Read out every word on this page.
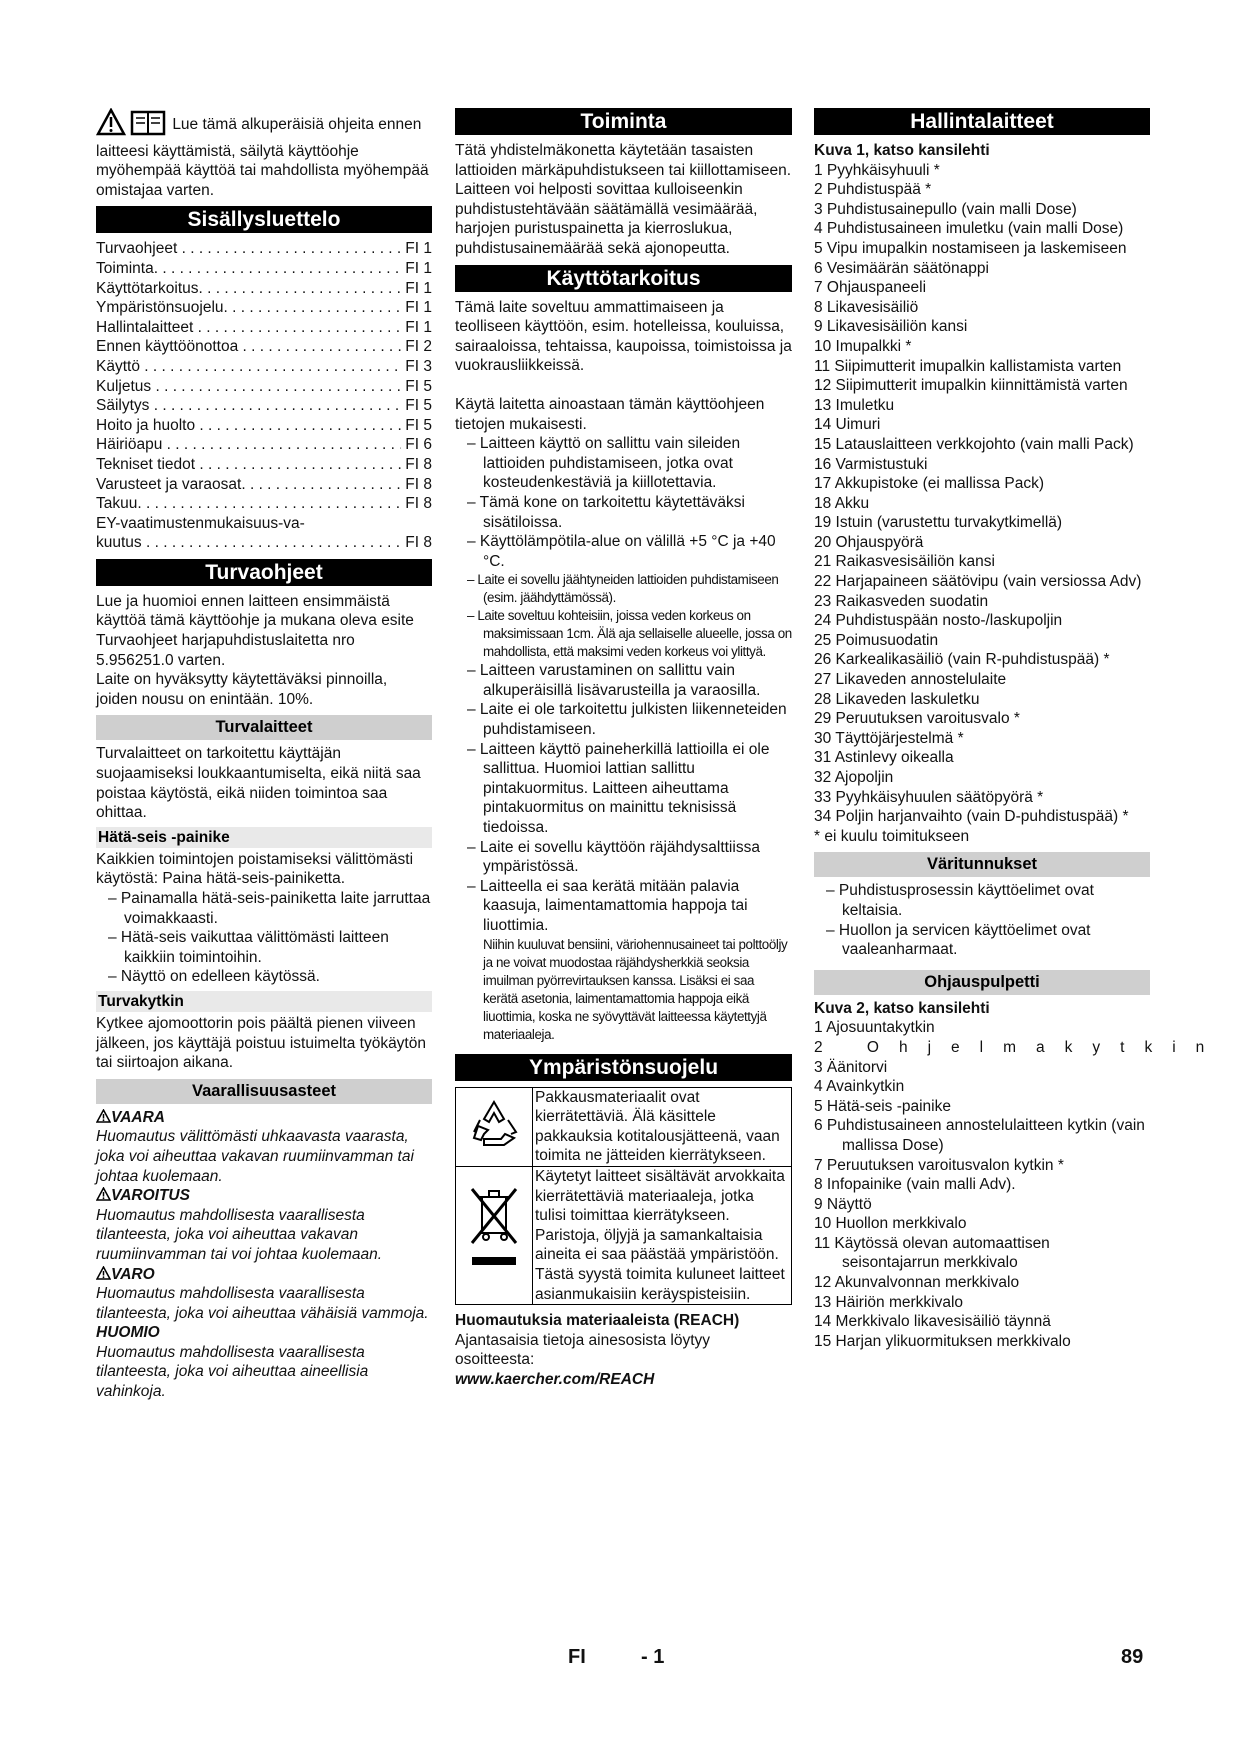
Lue tämä alkuperäisiä ohjeita ennen laitteesi käyttämistä, säilytä käyttöohje myöhempää käyttöä tai mahdollista myöhempää omistajaa varten.
Sisällysluettelo
Turvaohjeet
. . .
	FI 1
Toiminta.
. . .
	FI 1
Käyttötarkoitus.
. . .
	FI 1
Ympäristönsuojelu.
. . .
	FI 1
Hallintalaitteet
. . .
	FI 1
Ennen käyttöönottoa
. . .
	FI 2
Käyttö
. . .
	FI 3
Kuljetus
. . .
	FI 5
Säilytys
. . .
	FI 5
Hoito ja huolto
. . .
	FI 5
Häiriöapu
. . .
	FI 6
Tekniset tiedot
. . .
	FI 8
Varusteet ja varaosat.
. . .
	FI 8
Takuu.
. . .
	FI 8
EY-vaatimustenmukaisuus-va-
kuutus
. . .
	FI 8
Turvaohjeet

Lue ja huomioi ennen laitteen ensimmäistä käyttöä tämä käyttöohje ja mukana oleva esite Turvaohjeet harjapuhdistuslaitetta nro 5.956251.0 varten.

Laite on hyväksytty käytettäväksi pinnoilla, joiden nousu on enintään. 10%.

Turvalaitteet

Turvalaitteet on tarkoitettu käyttäjän suojaamiseksi loukkaantumiselta, eikä niitä saa poistaa käytöstä, eikä niiden toimintoa saa ohittaa.

Hätä-seis -painike

Kaikkien toimintojen poistamiseksi välittömästi käytöstä: Paina hätä-seis-painiketta.

– Painamalla hätä-seis-painiketta laite jarruttaa voimakkaasti.
– Hätä-seis vaikuttaa välittömästi laitteen kaikkiin toimintoihin.
– Näyttö on edelleen käytössä.
Turvakytkin

Kytkee ajomoottorin pois päältä pienen viiveen jälkeen, jos käyttäjä poistuu istuimelta työkäytön tai siirtoajon aikana.

Vaarallisuusasteet
VAARA
Huomautus välittömästi uhkaavasta vaarasta, joka voi aiheuttaa vakavan ruumiinvamman tai johtaa kuolemaan.
VAROITUS
Huomautus mahdollisesta vaarallisesta tilanteesta, joka voi aiheuttaa vakavan ruumiinvamman tai voi johtaa kuolemaan.
VARO
Huomautus mahdollisesta vaarallisesta tilanteesta, joka voi aiheuttaa vähäisiä vammoja.
HUOMIO
Huomautus mahdollisesta vaarallisesta tilanteesta, joka voi aiheuttaa aineellisia vahinkoja.
Toiminta

Tätä yhdistelmäkonetta käytetään tasaisten lattioiden märkäpuhdistukseen tai kiillottamiseen.

Laitteen voi helposti sovittaa kulloiseenkin puhdistustehtävään säätämällä vesimäärää, harjojen puristuspainetta ja kierroslukua, puhdistusainemäärää sekä ajonopeutta.

Käyttötarkoitus

Tämä laite soveltuu ammattimaiseen ja teolliseen käyttöön, esim. hotelleissa, kouluissa, sairaaloissa, tehtaissa, kaupoissa, toimistoissa ja vuokrausliikkeissä.

Käytä laitetta ainoastaan tämän käyttöohjeen tietojen mukaisesti.

– Laitteen käyttö on sallittu vain sileiden lattioiden puhdistamiseen, jotka ovat kosteudenkestäviä ja kiillotettavia.
– Tämä kone on tarkoitettu käytettäväksi sisätiloissa.
– Käyttölämpötila-alue on välillä +5 °C ja +40 °C.
– Laite ei sovellu jäähtyneiden lattioiden puhdistamiseen (esim. jäähdyttämössä).
– Laite soveltuu kohteisiin, joissa veden korkeus on maksimissaan 1cm. Älä aja sellaiselle alueelle, jossa on mahdollista, että maksimi veden korkeus voi ylittyä.
– Laitteen varustaminen on sallittu vain alkuperäisillä lisävarusteilla ja varaosilla.
– Laite ei ole tarkoitettu julkisten liikenneteiden puhdistamiseen.
– Laitteen käyttö paineherkillä lattioilla ei ole sallittua. Huomioi lattian sallittu pintakuormitus. Laitteen aiheuttama pintakuormitus on mainittu teknisissä tiedoissa.
– Laite ei sovellu käyttöön räjähdysalttiissa ympäristössä.
– Laitteella ei saa kerätä mitään palavia kaasuja, laimentamattomia happoja tai liuottimia.

Niihin kuuluvat bensiini, väriohennusaineet tai polttoöljy ja ne voivat muodostaa räjähdysherkkiä seoksia imuilman pyörrevirtauksen kanssa. Lisäksi ei saa kerätä asetonia, laimentamattomia happoja eikä liuottimia, koska ne syövyttävät laitteessa käytettyjä materiaaleja.

Ympäristönsuojelu
	Pakkausmateriaalit ovat kierrätettäviä. Älä käsittele pakkauksia kotitalousjätteenä, vaan toimita ne jätteiden kierrätykseen.
	Käytetyt laitteet sisältävät arvokkaita kierrätettäviä materiaaleja, jotka tulisi toimittaa kierrätykseen. Paristoja, öljyjä ja samankaltaisia aineita ei saa päästää ympäristöön. Tästä syystä toimita kuluneet laitteet asianmukaisiin keräyspisteisiin.

Huomautuksia materiaaleista (REACH)

Ajantasaisia tietoja ainesosista löytyy osoitteesta:

www.kaercher.com/REACH

Hallintalaitteet

Kuva 1, katso kansilehti

1 Pyyhkäisyhuuli *
2 Puhdistuspää *
3 Puhdistusainepullo (vain malli Dose)
4 Puhdistusaineen imuletku (vain malli Dose)
5 Vipu imupalkin nostamiseen ja laskemiseen
6 Vesimäärän säätönappi
7 Ohjauspaneeli
8 Likavesisäiliö
9 Likavesisäiliön kansi
10 Imupalkki *
11 Siipimutterit imupalkin kallistamista varten
12 Siipimutterit imupalkin kiinnittämistä varten
13 Imuletku
14 Uimuri
15 Latauslaitteen verkkojohto (vain malli Pack)
16 Varmistustuki
17 Akkupistoke (ei mallissa Pack)
18 Akku
19 Istuin (varustettu turvakytkimellä)
20 Ohjauspyörä
21 Raikasvesisäiliön kansi
22 Harjapaineen säätövipu (vain versiossa Adv)
23 Raikasveden suodatin
24 Puhdistuspään nosto-/laskupoljin
25 Poimusuodatin
26 Karkealikasäiliö (vain R-puhdistuspää) *
27 Likaveden annostelulaite
28 Likaveden laskuletku
29 Peruutuksen varoitusvalo *
30 Täyttöjärjestelmä *
31 Astinlevy oikealla
32 Ajopoljin
33 Pyyhkäisyhuulen säätöpyörä *
34 Poljin harjanvaihto (vain D-puhdistuspää) *

* ei kuulu toimitukseen

Väritunnukset
– Puhdistusprosessin käyttöelimet ovat keltaisia.
– Huollon ja servicen käyttöelimet ovat vaaleanharmaat.
Ohjauspulpetti

Kuva 2, katso kansilehti

1 Ajosuuntakytkin
2 Ohjelmakytkin
3 Äänitorvi
4 Avainkytkin
5 Hätä-seis -painike
6 Puhdistusaineen annostelulaitteen kytkin (vain mallissa Dose)
7 Peruutuksen varoitusvalon kytkin *
8 Infopainike (vain malli Adv).
9 Näyttö
10 Huollon merkkivalo
11 Käytössä olevan automaattisen seisontajarrun merkkivalo
12 Akunvalvonnan merkkivalo
13 Häiriön merkkivalo
14 Merkkivalo likavesisäiliö täynnä
15 Harjan ylikuormituksen merkkivalo
FI	- 1	89
